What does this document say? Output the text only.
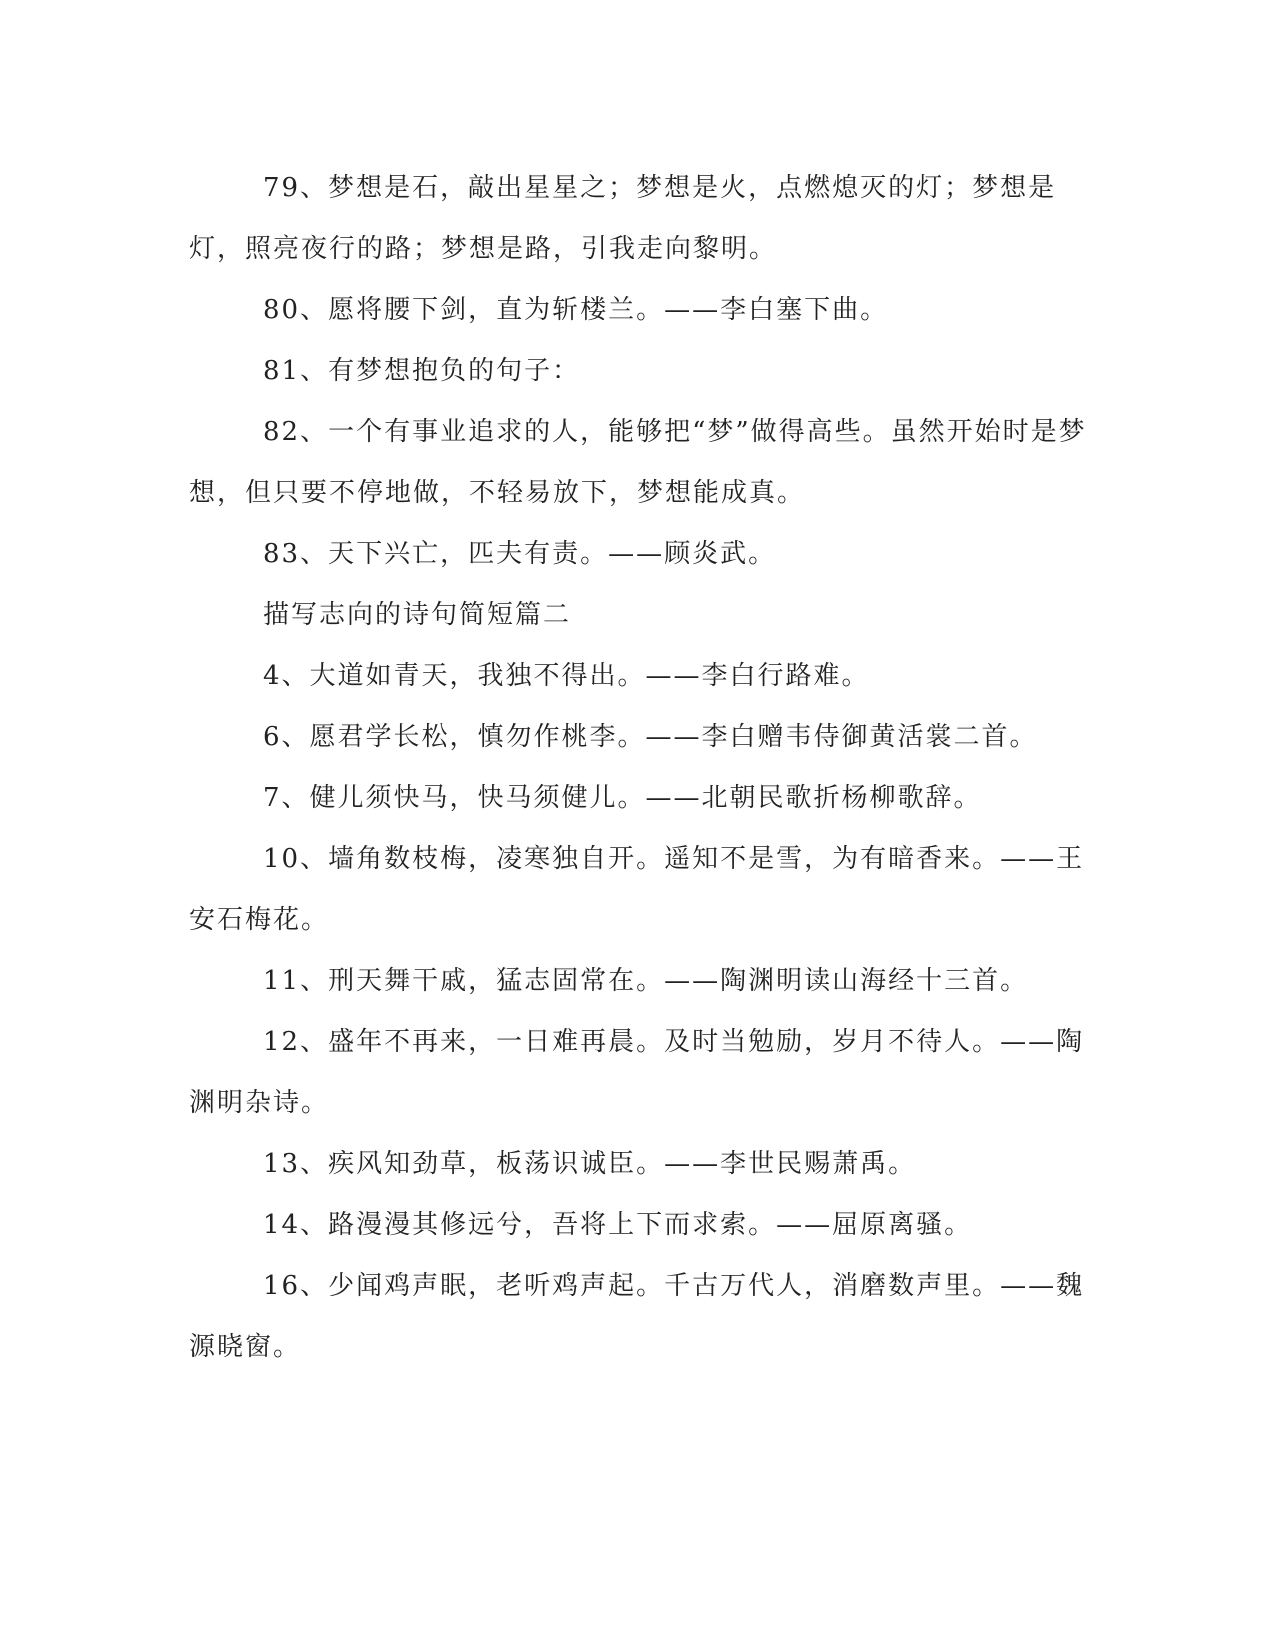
79、梦想是石，敲出星星之；梦想是火，点燃熄灭的灯；梦想是灯，照亮夜行的路；梦想是路，引我走向黎明。

80、愿将腰下剑，直为斩楼兰。——李白塞下曲。

81、有梦想抱负的句子：

82、一个有事业追求的人，能够把“梦”做得高些。虽然开始时是梦想，但只要不停地做，不轻易放下，梦想能成真。

83、天下兴亡，匹夫有责。——顾炎武。

描写志向的诗句简短篇二

4、大道如青天，我独不得出。——李白行路难。

6、愿君学长松，慎勿作桃李。——李白赠韦侍御黄活裳二首。

7、健儿须快马，快马须健儿。——北朝民歌折杨柳歌辞。

10、墙角数枝梅，凌寒独自开。遥知不是雪，为有暗香来。——王安石梅花。

11、刑天舞干戚，猛志固常在。——陶渊明读山海经十三首。

12、盛年不再来，一日难再晨。及时当勉励，岁月不待人。——陶渊明杂诗。

13、疾风知劲草，板荡识诚臣。——李世民赐萧禹。

14、路漫漫其修远兮，吾将上下而求索。——屈原离骚。

16、少闻鸡声眠，老听鸡声起。千古万代人，消磨数声里。——魏源晓窗。
